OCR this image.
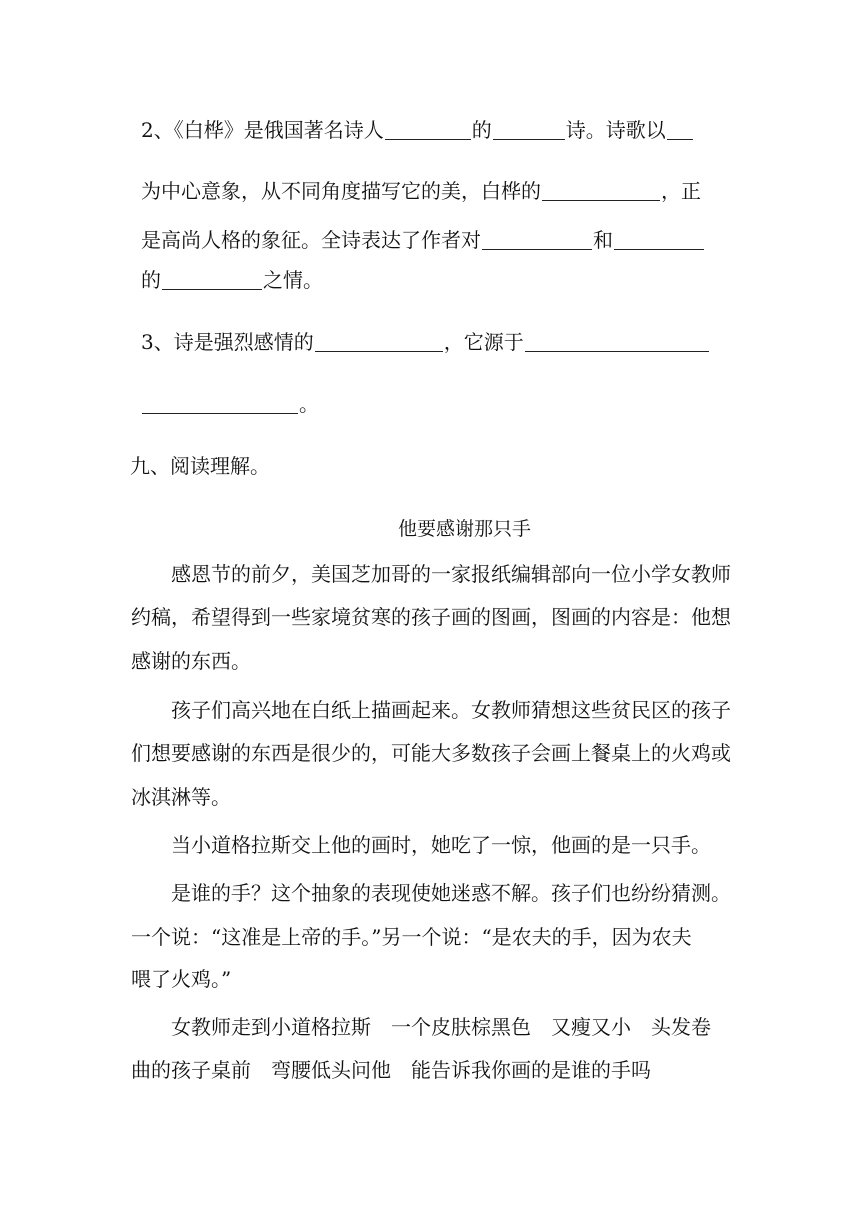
2、《白桦》是俄国著名诗人	的	诗。诗歌以
为中心意象，从不同角度描写它的美，白桦的	，正
是高尚人格的象征。全诗表达了作者对	和
的	之情。
3、诗是强烈感情的	，它源于
。
九、阅读理解。
他要感谢那只手
感恩节的前夕，美国芝加哥的一家报纸编辑部向一位小学女教师
约稿，希望得到一些家境贫寒的孩子画的图画，图画的内容是：他想
感谢的东西。
孩子们高兴地在白纸上描画起来。女教师猜想这些贫民区的孩子
们想要感谢的东西是很少的，可能大多数孩子会画上餐桌上的火鸡或
冰淇淋等。
当小道格拉斯交上他的画时，她吃了一惊，他画的是一只手。
是谁的手？这个抽象的表现使她迷惑不解。孩子们也纷纷猜测。
一个说：“这准是上帝的手。”另一个说：“是农夫的手，因为农夫
喂了火鸡。”
女教师走到小道格拉斯　一个皮肤棕黑色　又瘦又小　头发卷
曲的孩子桌前　弯腰低头问他　能告诉我你画的是谁的手吗
